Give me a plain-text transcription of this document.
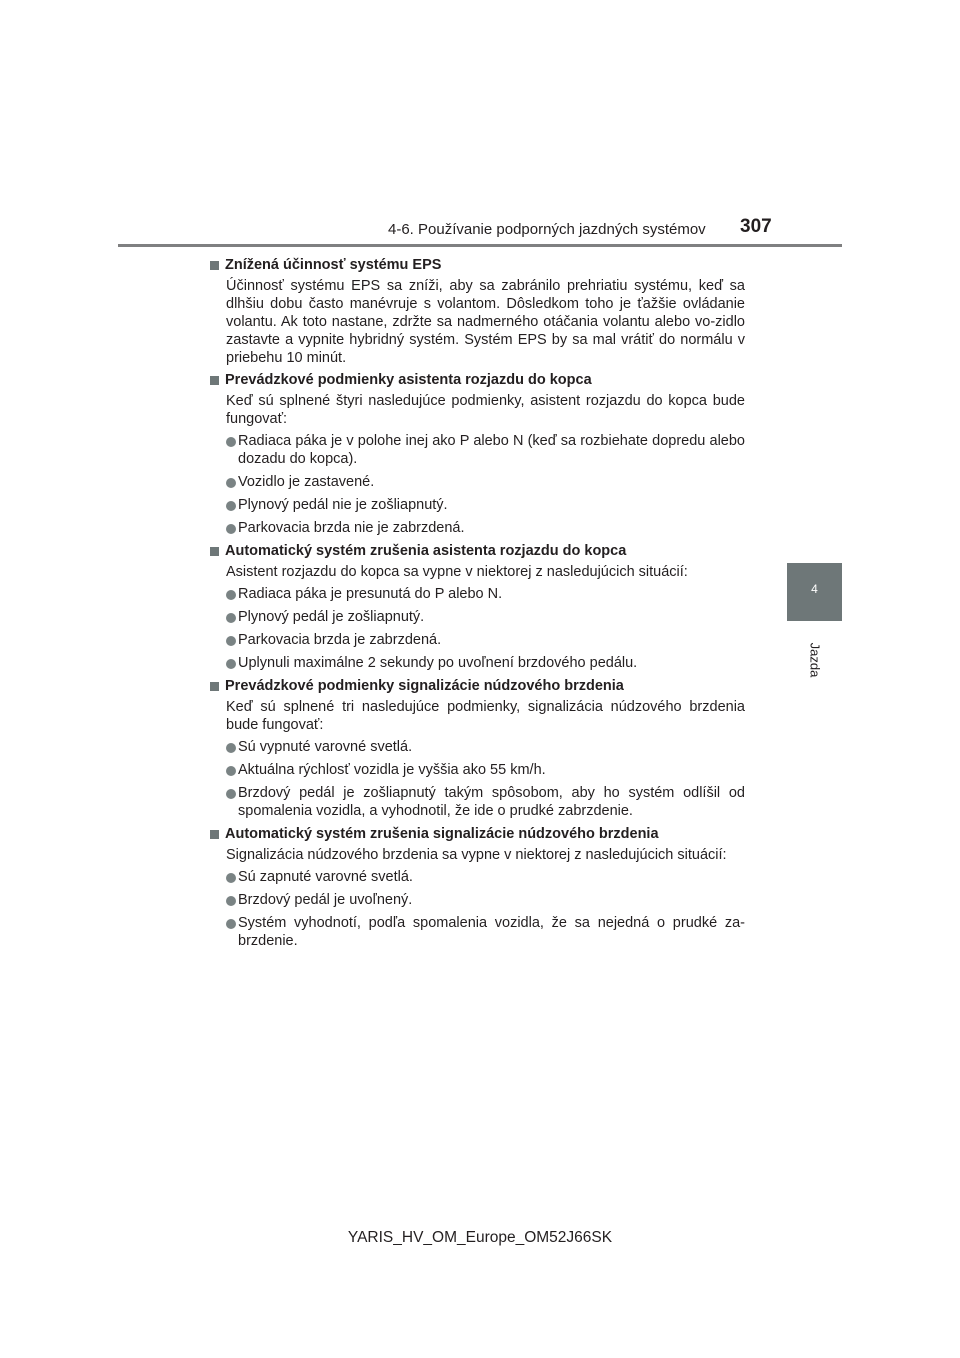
4-6. Používanie podporných jazdných systémov 307
4
Jazda
Znížená účinnosť systému EPS
Účinnosť systému EPS sa zníži, aby sa zabránilo prehriatiu systému, keď sa dlhšiu dobu často manévruje s volantom. Dôsledkom toho je ťažšie ovládanie volantu. Ak toto nastane, zdržte sa nadmerného otáčania volantu alebo vo-zidlo zastavte a vypnite hybridný systém. Systém EPS by sa mal vrátiť do normálu v priebehu 10 minút.
Prevádzkové podmienky asistenta rozjazdu do kopca
Keď sú splnené štyri nasledujúce podmienky, asistent rozjazdu do kopca bude fungovať:
Radiaca páka je v polohe inej ako P alebo N (keď sa rozbiehate dopredu alebo dozadu do kopca).
Vozidlo je zastavené.
Plynový pedál nie je zošliapnutý.
Parkovacia brzda nie je zabrzdená.
Automatický systém zrušenia asistenta rozjazdu do kopca
Asistent rozjazdu do kopca sa vypne v niektorej z nasledujúcich situácií:
Radiaca páka je presunutá do P alebo N.
Plynový pedál je zošliapnutý.
Parkovacia brzda je zabrzdená.
Uplynuli maximálne 2 sekundy po uvoľnení brzdového pedálu.
Prevádzkové podmienky signalizácie núdzového brzdenia
Keď sú splnené tri nasledujúce podmienky, signalizácia núdzového brzdenia bude fungovať:
Sú vypnuté varovné svetlá.
Aktuálna rýchlosť vozidla je vyššia ako 55 km/h.
Brzdový pedál je zošliapnutý takým spôsobom, aby ho systém odlíšil od spomalenia vozidla, a vyhodnotil, že ide o prudké zabrzdenie.
Automatický systém zrušenia signalizácie núdzového brzdenia
Signalizácia núdzového brzdenia sa vypne v niektorej z nasledujúcich situácií:
Sú zapnuté varovné svetlá.
Brzdový pedál je uvoľnený.
Systém vyhodnotí, podľa spomalenia vozidla, že sa nejedná o prudké za-brzdenie.
YARIS_HV_OM_Europe_OM52J66SK
